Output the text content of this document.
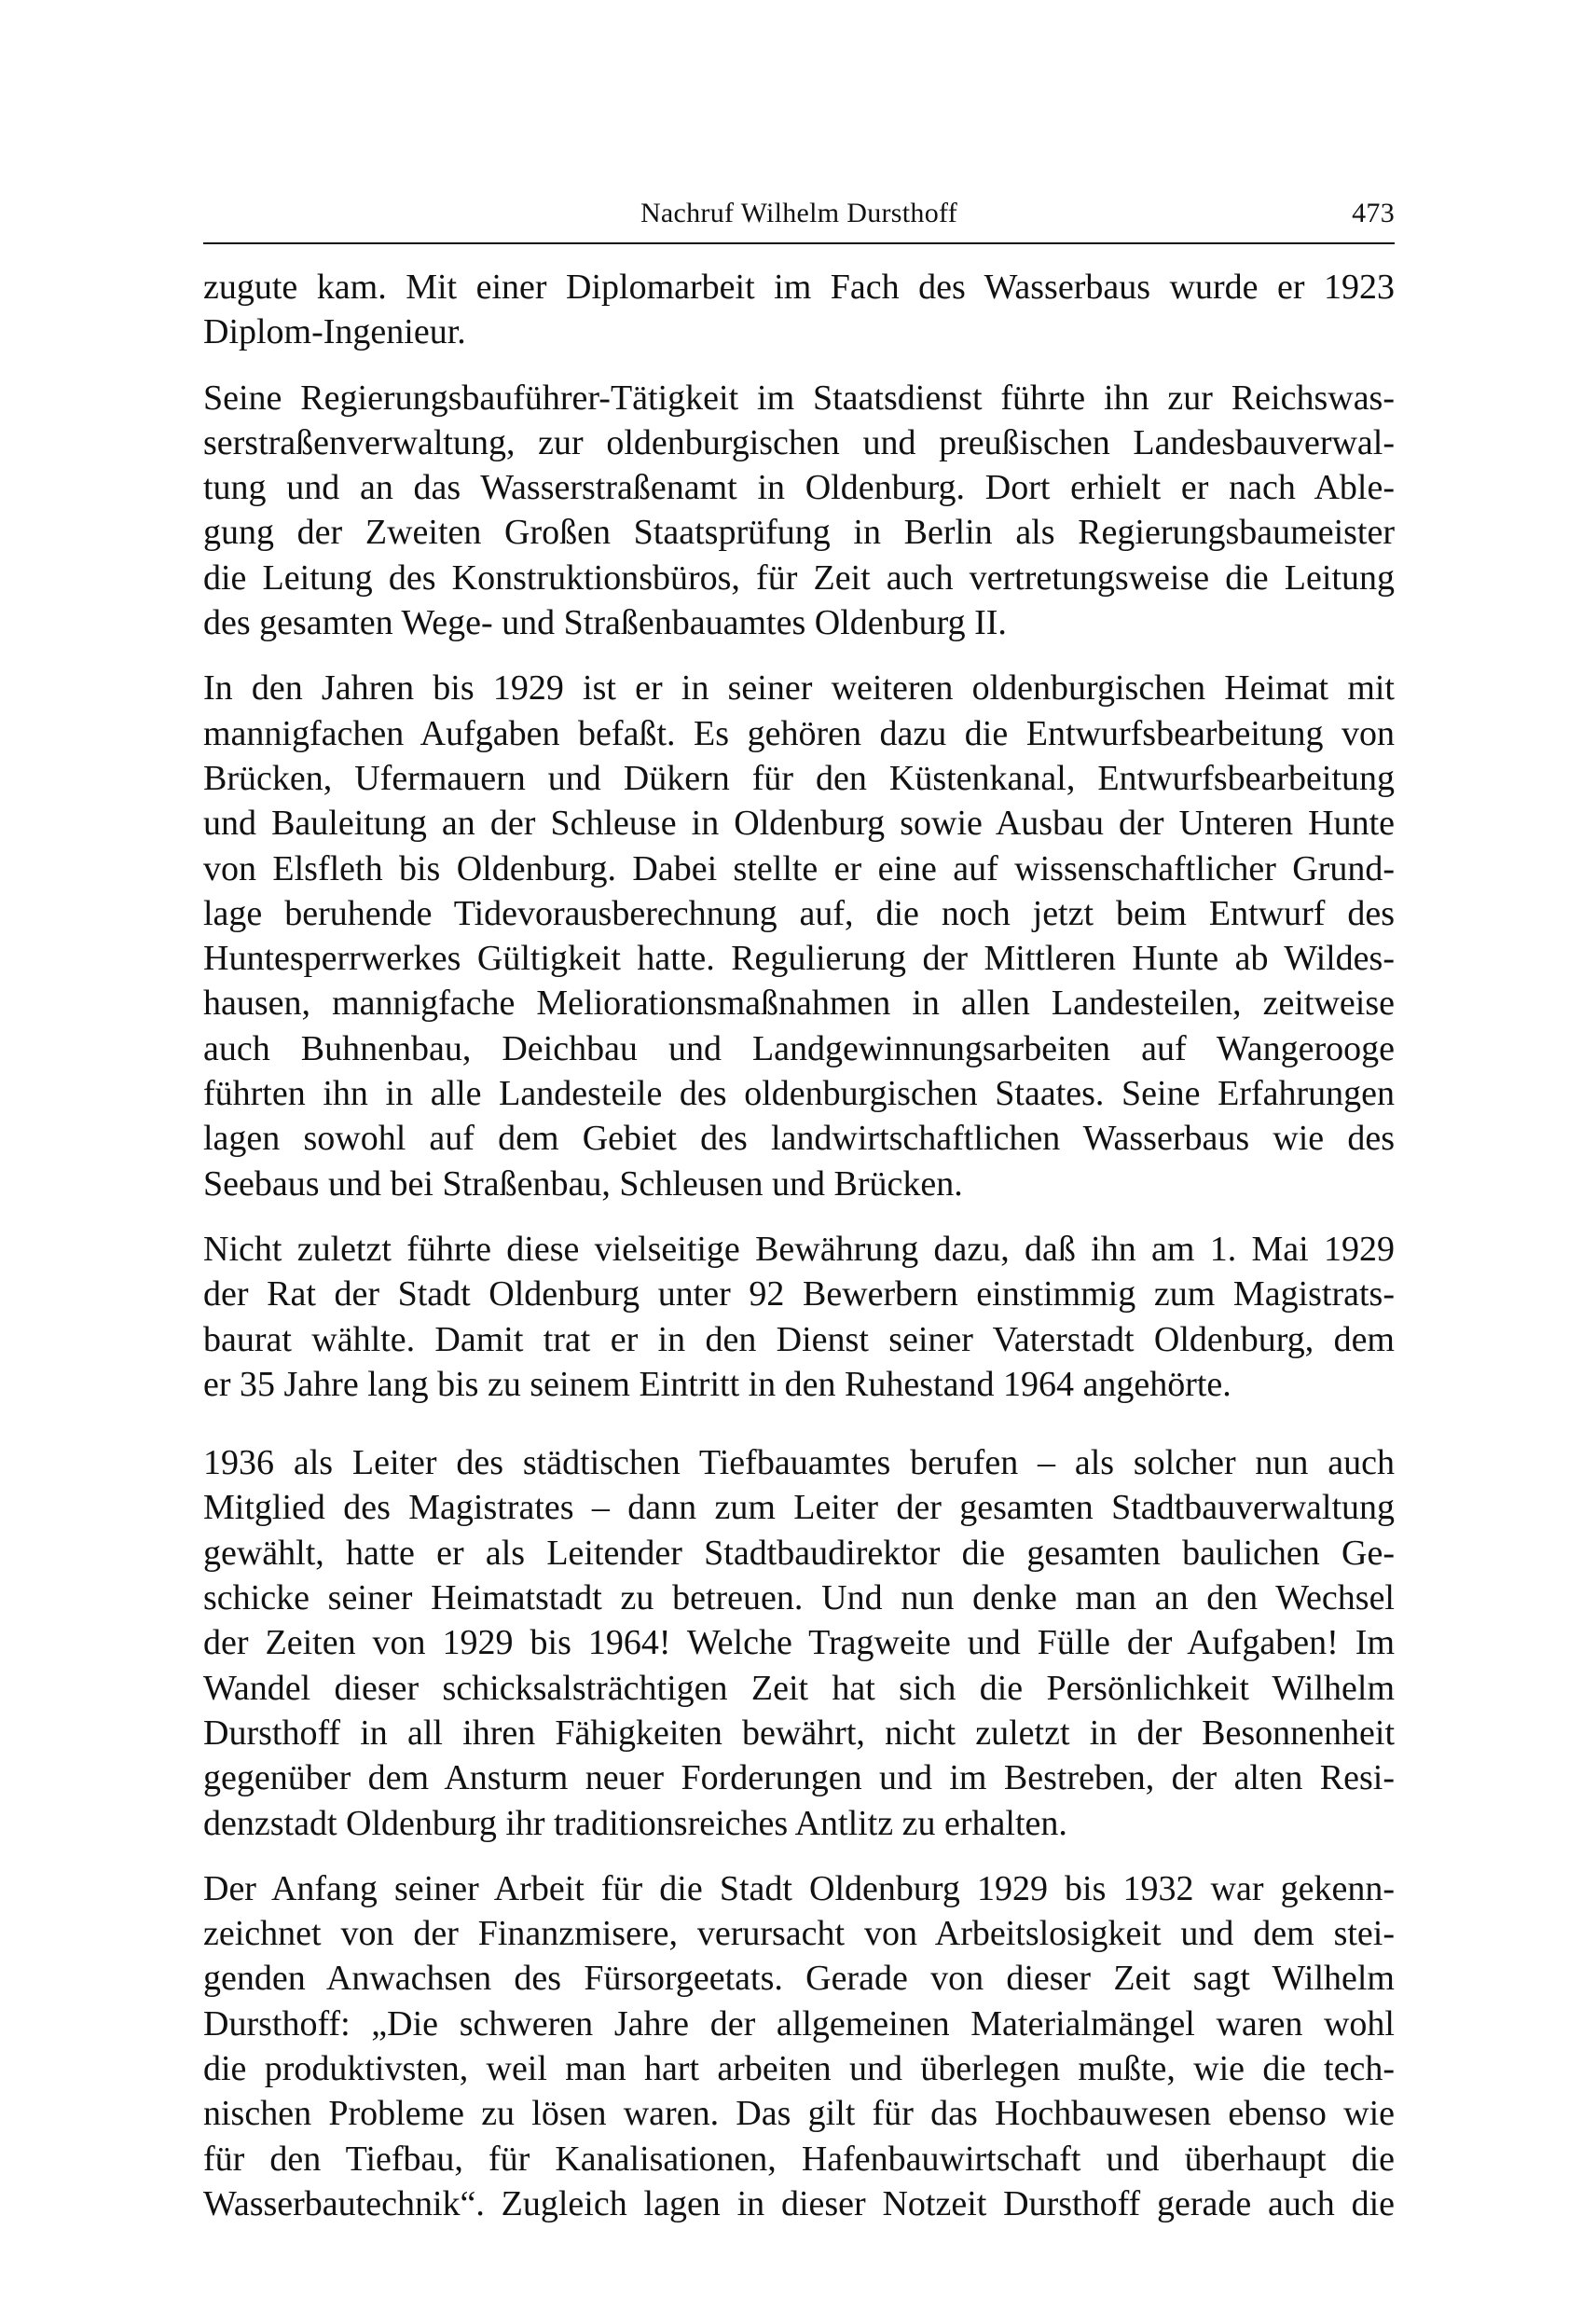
Nachruf Wilhelm Dursthoff	473
zugute kam. Mit einer Diplomarbeit im Fach des Wasserbaus wurde er 1923
Diplom-Ingenieur.
Seine Regierungsbauführer-Tätigkeit im Staatsdienst führte ihn zur Reichswas-
serstraßenverwaltung, zur oldenburgischen und preußischen Landesbauverwal-
tung und an das Wasserstraßenamt in Oldenburg. Dort erhielt er nach Able-
gung der Zweiten Großen Staatsprüfung in Berlin als Regierungsbaumeister
die Leitung des Konstruktionsbüros, für Zeit auch vertretungsweise die Leitung
des gesamten Wege- und Straßenbauamtes Oldenburg II.
In den Jahren bis 1929 ist er in seiner weiteren oldenburgischen Heimat mit
mannigfachen Aufgaben befaßt. Es gehören dazu die Entwurfsbearbeitung von
Brücken, Ufermauern und Dükern für den Küstenkanal, Entwurfsbearbeitung
und Bauleitung an der Schleuse in Oldenburg sowie Ausbau der Unteren Hunte
von Elsfleth bis Oldenburg. Dabei stellte er eine auf wissenschaftlicher Grund-
lage beruhende Tidevorausberechnung auf, die noch jetzt beim Entwurf des
Huntesperrwerkes Gültigkeit hatte. Regulierung der Mittleren Hunte ab Wildes-
hausen, mannigfache Meliorationsmaßnahmen in allen Landesteilen, zeitweise
auch Buhnenbau, Deichbau und Landgewinnungsarbeiten auf Wangerooge
führten ihn in alle Landesteile des oldenburgischen Staates. Seine Erfahrungen
lagen sowohl auf dem Gebiet des landwirtschaftlichen Wasserbaus wie des
Seebaus und bei Straßenbau, Schleusen und Brücken.
Nicht zuletzt führte diese vielseitige Bewährung dazu, daß ihn am 1. Mai 1929
der Rat der Stadt Oldenburg unter 92 Bewerbern einstimmig zum Magistrats-
baurat wählte. Damit trat er in den Dienst seiner Vaterstadt Oldenburg, dem
er 35 Jahre lang bis zu seinem Eintritt in den Ruhestand 1964 angehörte.
1936 als Leiter des städtischen Tiefbauamtes berufen – als solcher nun auch
Mitglied des Magistrates – dann zum Leiter der gesamten Stadtbauverwaltung
gewählt, hatte er als Leitender Stadtbaudirektor die gesamten baulichen Ge-
schicke seiner Heimatstadt zu betreuen. Und nun denke man an den Wechsel
der Zeiten von 1929 bis 1964! Welche Tragweite und Fülle der Aufgaben! Im
Wandel dieser schicksalsträchtigen Zeit hat sich die Persönlichkeit Wilhelm
Dursthoff in all ihren Fähigkeiten bewährt, nicht zuletzt in der Besonnenheit
gegenüber dem Ansturm neuer Forderungen und im Bestreben, der alten Resi-
denzstadt Oldenburg ihr traditionsreiches Antlitz zu erhalten.
Der Anfang seiner Arbeit für die Stadt Oldenburg 1929 bis 1932 war gekenn-
zeichnet von der Finanzmisere, verursacht von Arbeitslosigkeit und dem stei-
genden Anwachsen des Fürsorgeetats. Gerade von dieser Zeit sagt Wilhelm
Dursthoff: „Die schweren Jahre der allgemeinen Materialmängel waren wohl
die produktivsten, weil man hart arbeiten und überlegen mußte, wie die tech-
nischen Probleme zu lösen waren. Das gilt für das Hochbauwesen ebenso wie
für den Tiefbau, für Kanalisationen, Hafenbauwirtschaft und überhaupt die
Wasserbautechnik“. Zugleich lagen in dieser Notzeit Dursthoff gerade auch die
